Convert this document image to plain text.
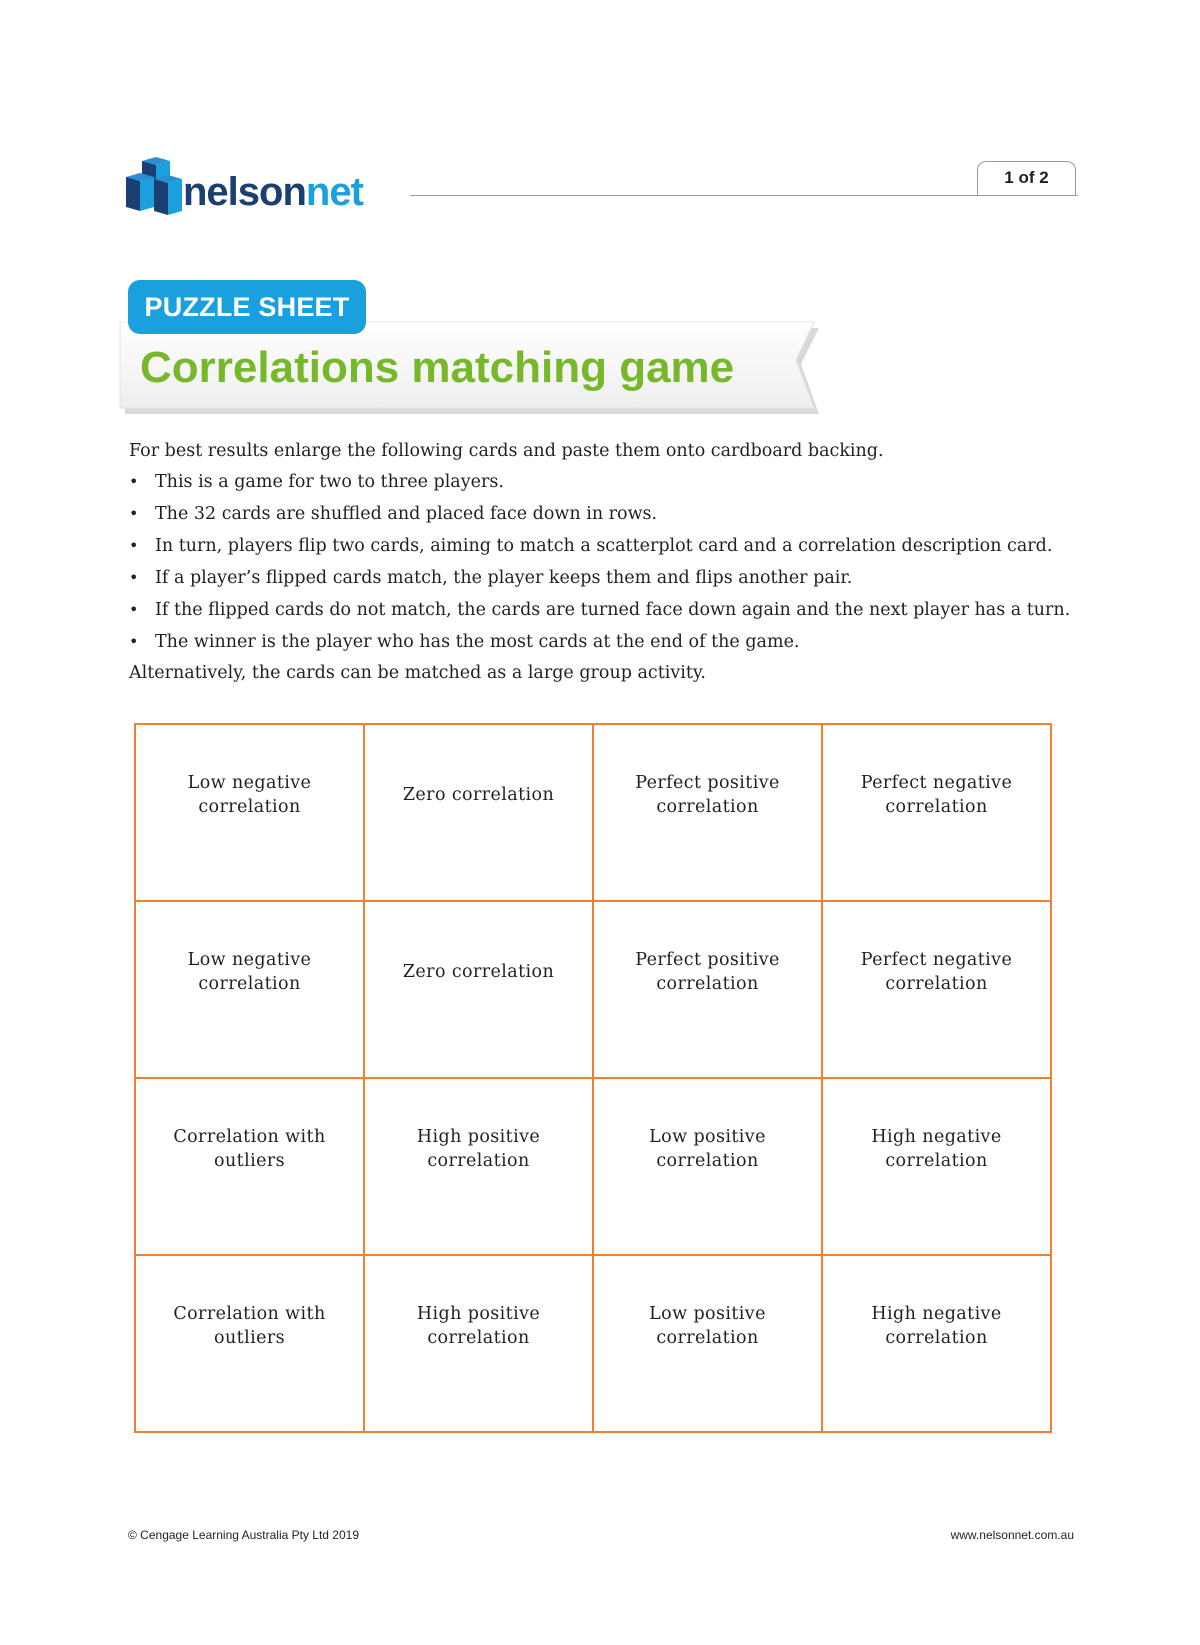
nelsonnet	1 of 2
PUZZLE SHEET
Correlations matching game

For best results enlarge the following cards and paste them onto cardboard backing.

• This is a game for two to three players.
• The 32 cards are shuffled and placed face down in rows.
• In turn, players flip two cards, aiming to match a scatterplot card and a correlation description card.
• If a player’s flipped cards match, the player keeps them and flips another pair.
• If the flipped cards do not match, the cards are turned face down again and the next player has a turn.
• The winner is the player who has the most cards at the end of the game.

Alternatively, the cards can be matched as a large group activity.

Low negative correlation	Zero correlation	Perfect positive correlation	Perfect negative correlation
Low negative correlation	Zero correlation	Perfect positive correlation	Perfect negative correlation
Correlation with outliers	High positive correlation	Low positive correlation	High negative correlation
Correlation with outliers	High positive correlation	Low positive correlation	High negative correlation
© Cengage Learning Australia Pty Ltd 2019	www.nelsonnet.com.au
